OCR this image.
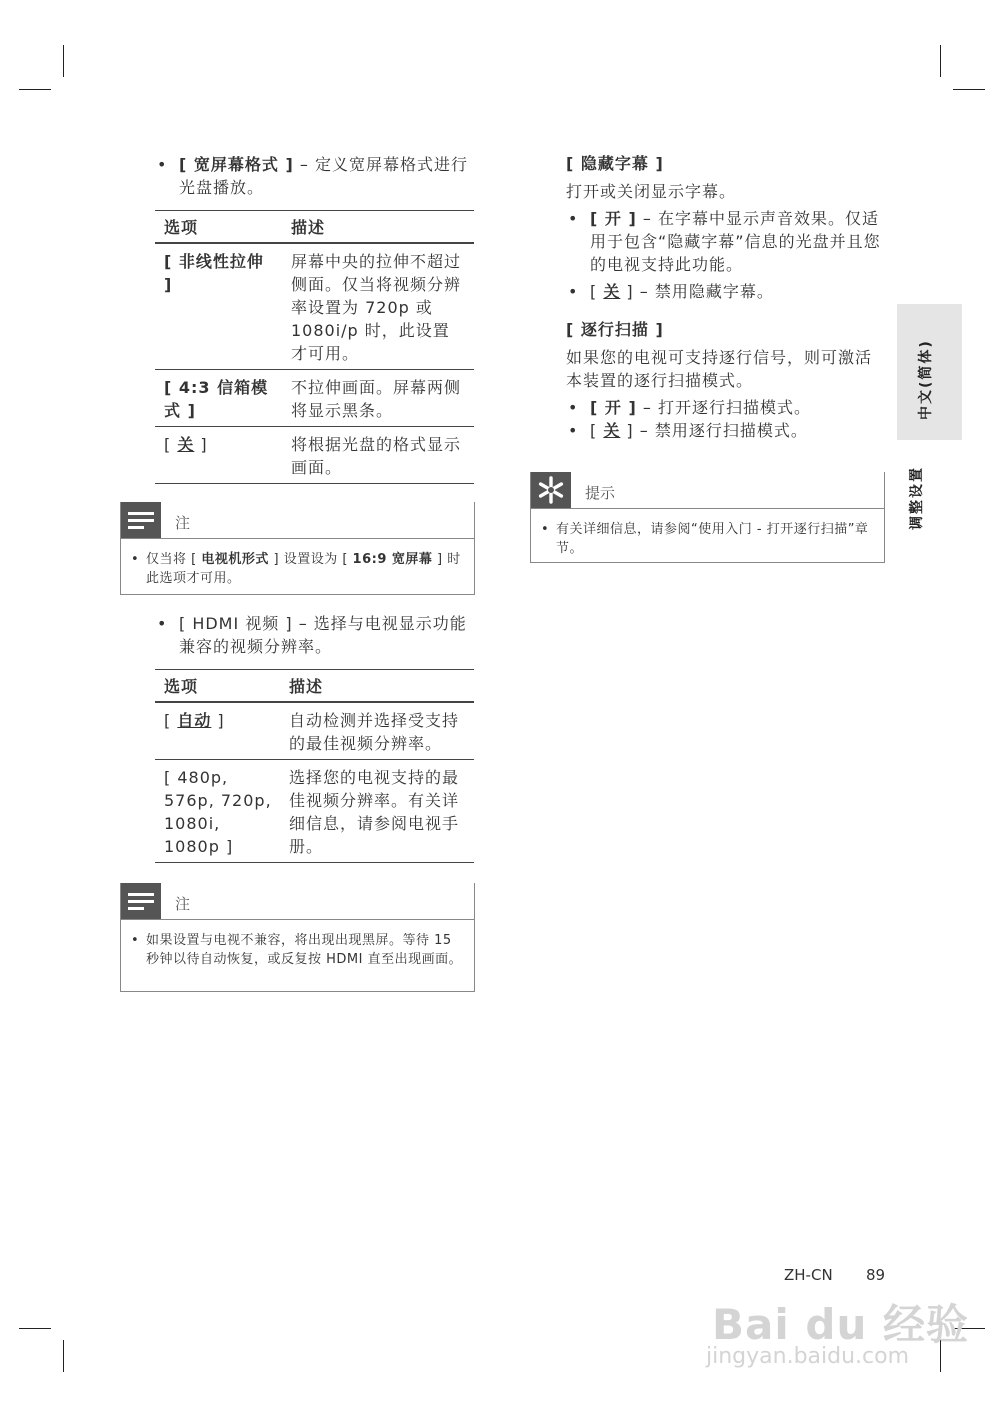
• [ 宽屏幕格式 ] – 定义宽屏幕格式进行光盘播放。
选项	描述
[ 非线性拉伸 ]	屏幕中央的拉伸不超过侧面。仅当将视频分辨率设置为 720p 或 1080i/p 时，此设置才可用。
[ 4:3 信箱模式 ]	不拉伸画面。屏幕两侧将显示黑条。
[ 关 ]	将根据光盘的格式显示画面。
注
• 仅当将 [ 电视机形式 ] 设置设为 [ 16:9 宽屏幕 ] 时此选项才可用。
• [ HDMI 视频 ] – 选择与电视显示功能兼容的视频分辨率。
选项	描述
[ 自动 ]	自动检测并选择受支持的最佳视频分辨率。
[ 480p, 576p, 720p, 1080i, 1080p ]	选择您的电视支持的最佳视频分辨率。有关详细信息，请参阅电视手册。
注
• 如果设置与电视不兼容，将出现出现黑屏。等待 15 秒钟以待自动恢复，或反复按 HDMI 直至出现画面。
[ 隐藏字幕 ]
打开或关闭显示字幕。
• [ 开 ] – 在字幕中显示声音效果。仅适用于包含“隐藏字幕”信息的光盘并且您的电视支持此功能。
• [ 关 ] – 禁用隐藏字幕。
[ 逐行扫描 ]
如果您的电视可支持逐行信号，则可激活本装置的逐行扫描模式。
• [ 开 ] – 打开逐行扫描模式。
• [ 关 ] – 禁用逐行扫描模式。
提示
• 有关详细信息，请参阅“使用入门 - 打开逐行扫描”章节。
中文(简体)
调整设置
ZH-CN 89
Bai du 经验
jingyan.baidu.com
